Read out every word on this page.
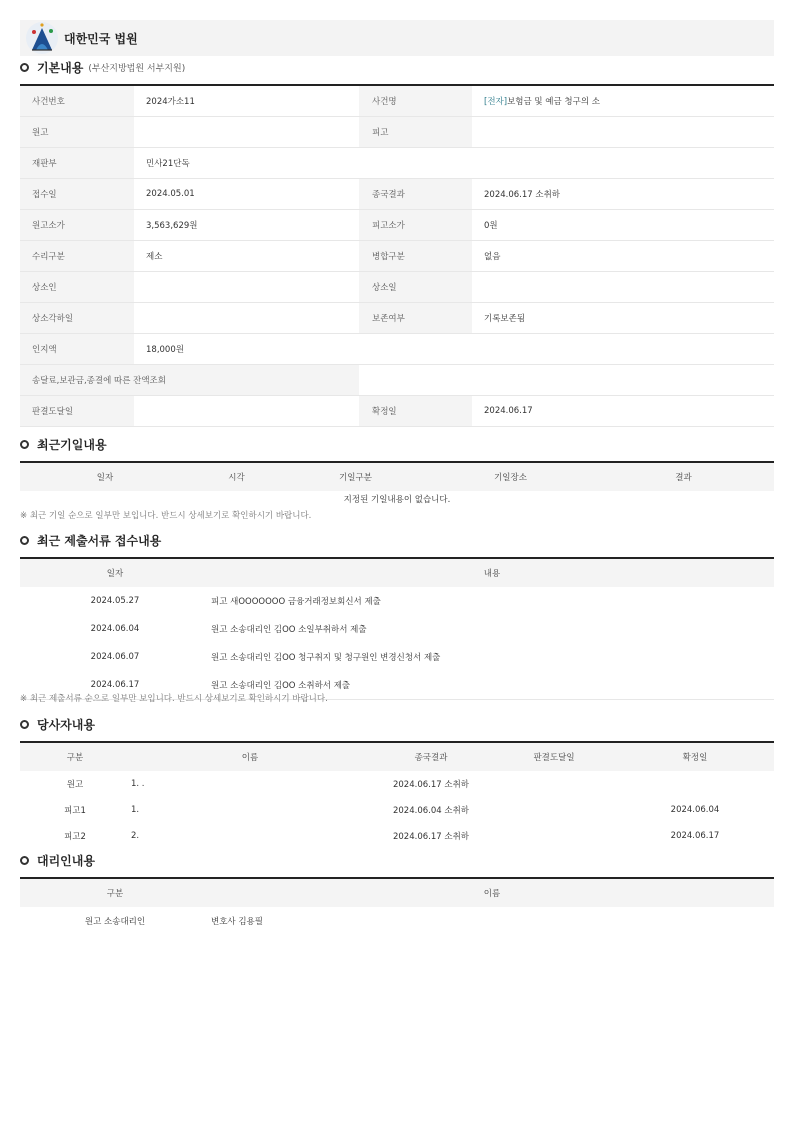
대한민국 법원
기본내용 (부산지방법원 서부지원)
사건번호	2024가소11	사건명	[전자]보험금 및 예금 청구의 소
원고		피고	
재판부	민사21단독		
접수일	2024.05.01	종국결과	2024.06.17 소취하
원고소가	3,563,629원	피고소가	0원
수리구분	제소	병합구분	없음
상소인		상소일	
상소각하일		보존여부	기록보존됨
인지액	18,000원		
송달료,보관금,종결에 따른 잔액조회			
판결도달일		확정일	2024.06.17
최근기일내용
일자	시각	기일구분	기일장소	결과
지정된 기일내용이 없습니다.
※ 최근 기일 순으로 일부만 보입니다. 반드시 상세보기로 확인하시기 바랍니다.
최근 제출서류 접수내용
일자	내용
2024.05.27	피고 새OOOOOOO 금융거래정보회신서 제출
2024.06.04	원고 소송대리인 김OO 소일부취하서 제출
2024.06.07	원고 소송대리인 김OO 청구취지 및 청구원인 변경신청서 제출
2024.06.17	원고 소송대리인 김OO 소취하서 제출
※ 최근 제출서류 순으로 일부만 보입니다. 반드시 상세보기로 확인하시기 바랍니다.
당사자내용
구분	이름	종국결과	판결도달일	확정일
원고	1. .	2024.06.17 소취하		
피고1	1.	2024.06.04 소취하		2024.06.04
피고2	2.	2024.06.17 소취하		2024.06.17
대리인내용
구분	이름
원고 소송대리인	변호사 김용필
